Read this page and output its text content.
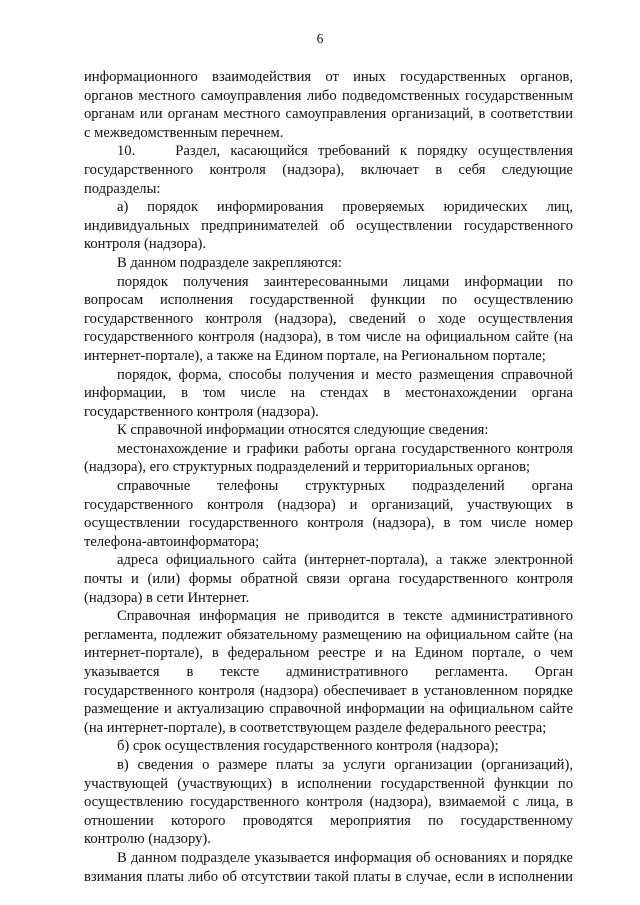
6
информационного взаимодействия от иных государственных органов,
органов местного самоуправления либо подведомственных государственным
органам или органам местного самоуправления организаций, в соответствии
с межведомственным перечнем.
10.	Раздел, касающийся требований к порядку осуществления
государственного контроля (надзора), включает в себя следующие
подразделы:
а) порядок информирования проверяемых юридических лиц,
индивидуальных предпринимателей об осуществлении государственного
контроля (надзора).
В данном подразделе закрепляются:
порядок получения заинтересованными лицами информации по
вопросам исполнения государственной функции по осуществлению
государственного контроля (надзора), сведений о ходе осуществления
государственного контроля (надзора), в том числе на официальном сайте (на
интернет-портале), а также на Едином портале, на Региональном портале;
порядок, форма, способы получения и место размещения справочной
информации, в том числе на стендах в местонахождении органа
государственного контроля (надзора).
К справочной информации относятся следующие сведения:
местонахождение и графики работы органа государственного контроля
(надзора), его структурных подразделений и территориальных органов;
справочные телефоны структурных подразделений органа
государственного контроля (надзора) и организаций, участвующих в
осуществлении государственного контроля (надзора), в том числе номер
телефона-автоинформатора;
адреса официального сайта (интернет-портала), а также электронной
почты и (или) формы обратной связи органа государственного контроля
(надзора) в сети Интернет.
Справочная информация не приводится в тексте административного
регламента, подлежит обязательному размещению на официальном сайте (на
интернет-портале), в федеральном реестре и на Едином портале, о чем
указывается в тексте административного регламента. Орган
государственного контроля (надзора) обеспечивает в установленном порядке
размещение и актуализацию справочной информации на официальном сайте
(на интернет-портале), в соответствующем разделе федерального реестра;
б) срок осуществления государственного контроля (надзора);
в) сведения о размере платы за услуги организации (организаций),
участвующей (участвующих) в исполнении государственной функции по
осуществлению государственного контроля (надзора), взимаемой с лица, в
отношении которого проводятся мероприятия по государственному
контролю (надзору).
В данном подразделе указывается информация об основаниях и порядке
взимания платы либо об отсутствии такой платы в случае, если в исполнении
